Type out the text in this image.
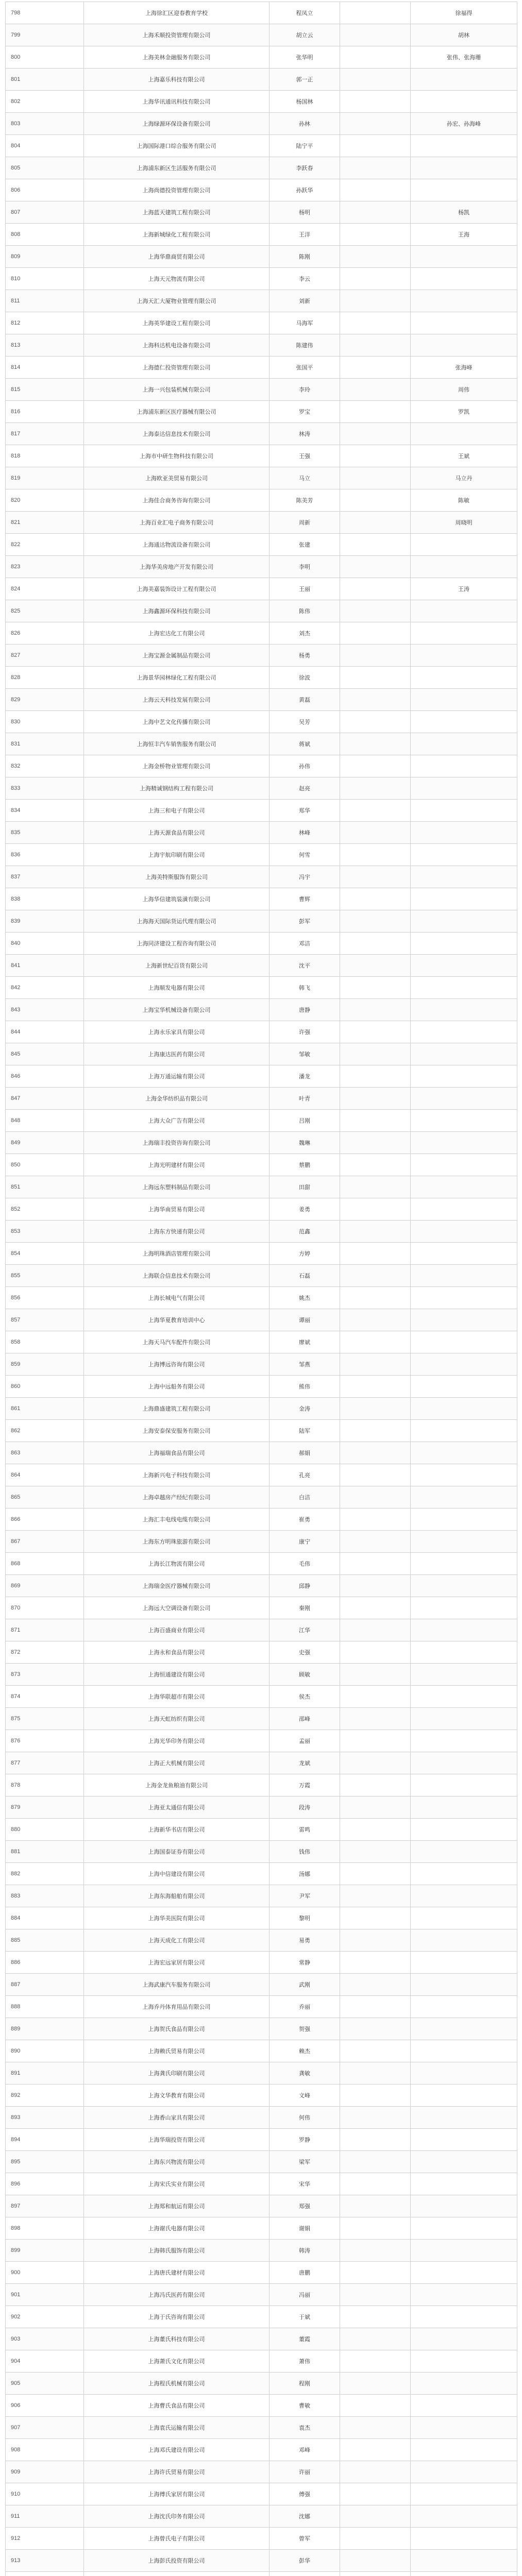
798	上海徐汇区迎春教育学校	程凤立		徐福得
799	上海禾顺投资管理有限公司	胡立云		胡林
800	上海美林金融服务有限公司	张华明		张伟、张海珊
801	上海嘉乐科技有限公司	郭一正		
802	上海华讯通讯科技有限公司	杨国林		
803	上海绿源环保设备有限公司	孙林		孙宏、孙海峰
804	上海国际港口综合服务有限公司	陆宁平		
805	上海浦东新区生活服务有限公司	李跃春		
806	上海尚德投资管理有限公司	孙跃华		
807	上海蓝天建筑工程有限公司	杨明		杨凯
808	上海新城绿化工程有限公司	王洋		王海
809	上海华鼎商贸有限公司	陈刚		
810	上海天元物流有限公司	李云		
811	上海天汇大厦物业管理有限公司	刘新		
812	上海英华建设工程有限公司	马海军		
813	上海科达机电设备有限公司	陈建伟		
814	上海德仁投资管理有限公司	张国平		张海峰
815	上海一兴包装机械有限公司	李玲		周伟
816	上海浦东新区医疗器械有限公司	罗宝		罗凯
817	上海泰达信息技术有限公司	林涛		
818	上海市中研生物科技有限公司	王强		王斌
819	上海欧亚美贸易有限公司	马立		马立丹
820	上海佳合商务咨询有限公司	陈美芳		陈敏
821	上海百业汇电子商务有限公司	周新		周晓明
822	上海通达物流设备有限公司	张建		
823	上海华美房地产开发有限公司	李明		
824	上海美嘉装饰设计工程有限公司	王丽		王涛
825	上海鑫源环保科技有限公司	陈伟		
826	上海宏达化工有限公司	刘杰		
827	上海宝源金属制品有限公司	杨勇		
828	上海景华园林绿化工程有限公司	徐波		
829	上海云天科技发展有限公司	黄磊		
830	上海中艺文化传播有限公司	吴芳		
831	上海恒丰汽车销售服务有限公司	蒋斌		
832	上海金桥物业管理有限公司	孙伟		
833	上海精诚钢结构工程有限公司	赵亮		
834	上海三和电子有限公司	郑华		
835	上海天源食品有限公司	林峰		
836	上海宇航印刷有限公司	何雪		
837	上海美特斯服饰有限公司	冯宇		
838	上海华信建筑装潢有限公司	曹辉		
839	上海海天国际货运代理有限公司	彭军		
840	上海同济建设工程咨询有限公司	邓洁		
841	上海新世纪百货有限公司	沈平		
842	上海顺发电器有限公司	韩飞		
843	上海宝华机械设备有限公司	唐静		
844	上海永乐家具有限公司	许强		
845	上海康达医药有限公司	邹敏		
846	上海万通运输有限公司	潘龙		
847	上海金华纺织品有限公司	叶青		
848	上海大众广告有限公司	吕刚		
849	上海瑞丰投资咨询有限公司	魏琳		
850	上海光明建材有限公司	蔡鹏		
851	上海远东塑料制品有限公司	田甜		
852	上海华南贸易有限公司	姜勇		
853	上海东方快递有限公司	范鑫		
854	上海明珠酒店管理有限公司	方婷		
855	上海联合信息技术有限公司	石磊		
856	上海长城电气有限公司	姚杰		
857	上海华夏教育培训中心	谭丽		
858	上海天马汽车配件有限公司	廖斌		
859	上海博远咨询有限公司	邹燕		
860	上海中远船务有限公司	熊伟		
861	上海鼎盛建筑工程有限公司	金涛		
862	上海安泰保安服务有限公司	陆军		
863	上海福瑞食品有限公司	郝娟		
864	上海新兴电子科技有限公司	孔亮		
865	上海卓越房产经纪有限公司	白洁		
866	上海汇丰电线电缆有限公司	崔勇		
867	上海东方明珠旅游有限公司	康宁		
868	上海长江物流有限公司	毛伟		
869	上海瑞金医疗器械有限公司	邱静		
870	上海远大空调设备有限公司	秦刚		
871	上海百盛商业有限公司	江华		
872	上海永和食品有限公司	史强		
873	上海恒通建设有限公司	顾敏		
874	上海华联超市有限公司	侯杰		
875	上海天虹纺织有限公司	邵峰		
876	上海光华印务有限公司	孟丽		
877	上海正大机械有限公司	龙斌		
878	上海金龙鱼粮油有限公司	万霞		
879	上海亚太通信有限公司	段涛		
880	上海新华书店有限公司	雷鸣		
881	上海国泰证券有限公司	钱伟		
882	上海中信建设有限公司	汤娜		
883	上海东海船舶有限公司	尹军		
884	上海华美医院有限公司	黎明		
885	上海天成化工有限公司	易勇		
886	上海宏远家居有限公司	常静		
887	上海武康汽车服务有限公司	武刚		
888	上海乔丹体育用品有限公司	乔丽		
889	上海贺氏食品有限公司	贺强		
890	上海赖氏贸易有限公司	赖杰		
891	上海龚氏印刷有限公司	龚敏		
892	上海文华教育有限公司	文峰		
893	上海香山家具有限公司	何伟		
894	上海华瑞投资有限公司	罗静		
895	上海东兴物流有限公司	梁军		
896	上海宋氏实业有限公司	宋华		
897	上海郑和航运有限公司	郑强		
898	上海谢氏电器有限公司	谢娟		
899	上海韩氏服饰有限公司	韩涛		
900	上海唐氏建材有限公司	唐鹏		
901	上海冯氏医药有限公司	冯丽		
902	上海于氏咨询有限公司	于斌		
903	上海董氏科技有限公司	董霞		
904	上海萧氏文化有限公司	萧伟		
905	上海程氏机械有限公司	程刚		
906	上海曹氏食品有限公司	曹敏		
907	上海袁氏运输有限公司	袁杰		
908	上海邓氏建设有限公司	邓峰		
909	上海许氏贸易有限公司	许丽		
910	上海傅氏家居有限公司	傅强		
911	上海沈氏印务有限公司	沈娜		
912	上海曾氏电子有限公司	曾军		
913	上海彭氏投资有限公司	彭华		
